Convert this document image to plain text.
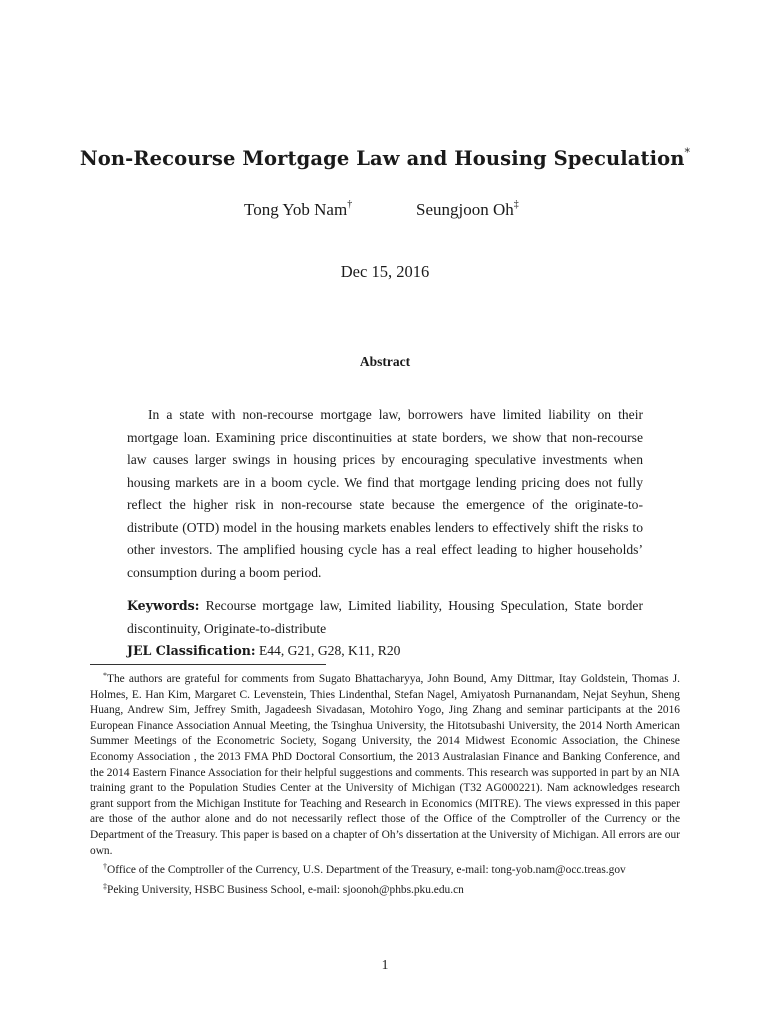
Non-Recourse Mortgage Law and Housing Speculation*
Tong Yob Nam†	Seungjoon Oh‡
Dec 15, 2016
Abstract

In a state with non-recourse mortgage law, borrowers have limited liability on their mortgage loan. Examining price discontinuities at state borders, we show that non-recourse law causes larger swings in housing prices by encouraging speculative investments when housing markets are in a boom cycle. We find that mortgage lending pricing does not fully reflect the higher risk in non-recourse state because the emergence of the originate-to-distribute (OTD) model in the housing markets enables lenders to effectively shift the risks to other investors. The amplified housing cycle has a real effect leading to higher households’ consumption during a boom period.

Keywords: Recourse mortgage law, Limited liability, Housing Speculation, State border discontinuity, Originate-to-distribute

JEL Classification: E44, G21, G28, K11, R20

*The authors are grateful for comments from Sugato Bhattacharyya, John Bound, Amy Dittmar, Itay Goldstein, Thomas J. Holmes, E. Han Kim, Margaret C. Levenstein, Thies Lindenthal, Stefan Nagel, Amiyatosh Purnanandam, Nejat Seyhun, Sheng Huang, Andrew Sim, Jeffrey Smith, Jagadeesh Sivadasan, Motohiro Yogo, Jing Zhang and seminar participants at the 2016 European Finance Association Annual Meeting, the Tsinghua University, the Hitotsubashi University, the 2014 North American Summer Meetings of the Econometric Society, Sogang University, the 2014 Midwest Economic Association, the Chinese Economy Association , the 2013 FMA PhD Doctoral Consortium, the 2013 Australasian Finance and Banking Conference, and the 2014 Eastern Finance Association for their helpful suggestions and comments. This research was supported in part by an NIA training grant to the Population Studies Center at the University of Michigan (T32 AG000221). Nam acknowledges research grant support from the Michigan Institute for Teaching and Research in Economics (MITRE). The views expressed in this paper are those of the author alone and do not necessarily reflect those of the Office of the Comptroller of the Currency or the Department of the Treasury. This paper is based on a chapter of Oh’s dissertation at the University of Michigan. All errors are our own.

†Office of the Comptroller of the Currency, U.S. Department of the Treasury, e-mail: tong-yob.nam@occ.treas.gov

‡Peking University, HSBC Business School, e-mail: sjoonoh@phbs.pku.edu.cn

1
